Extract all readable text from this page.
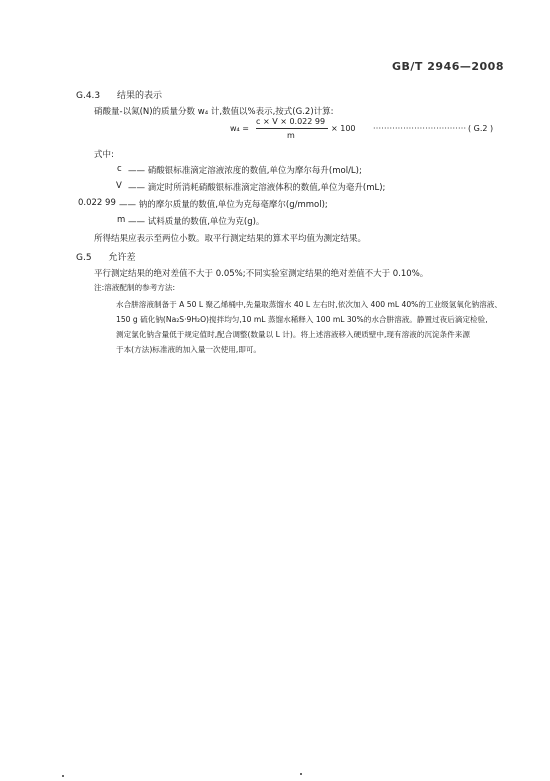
GB/T 2946—2008
G.4.3 结果的表示
硝酸量-以氮(N)的质量分数 w₄ 计,数值以%表示,按式(G.2)计算:
w₄ =
c × V × 0.022 99
m
× 100 ·································· ( G.2 )
式中:
c —— 硝酸银标准滴定溶液浓度的数值,单位为摩尔每升(mol/L);
V —— 滴定时所消耗硝酸银标准滴定溶液体积的数值,单位为毫升(mL);
0.022 99 —— 钠的摩尔质量的数值,单位为克每毫摩尔(g/mmol);
m —— 试料质量的数值,单位为克(g)。
所得结果应表示至两位小数。取平行测定结果的算术平均值为测定结果。
G.5 允许差
平行测定结果的绝对差值不大于 0.05%;不同实验室测定结果的绝对差值不大于 0.10%。
注:溶液配制的参考方法:
水合肼溶液制备于 A 50 L 聚乙烯桶中,先量取蒸馏水 40 L 左右时,依次加入 400 mL 40%的工业级氢氧化钠溶液、
150 g 硫化钠(Na₂S·9H₂O)搅拌均匀,10 mL 蒸馏水稀释入 100 mL 30%的水合肼溶液。静置过夜后滴定检验,
测定氯化钠含量低于规定值时,配合调整(数量以 L 计)。将上述溶液移入硬质壁中,现有溶液的沉淀条件来源
于本(方法)标准液的加入量一次使用,即可。
